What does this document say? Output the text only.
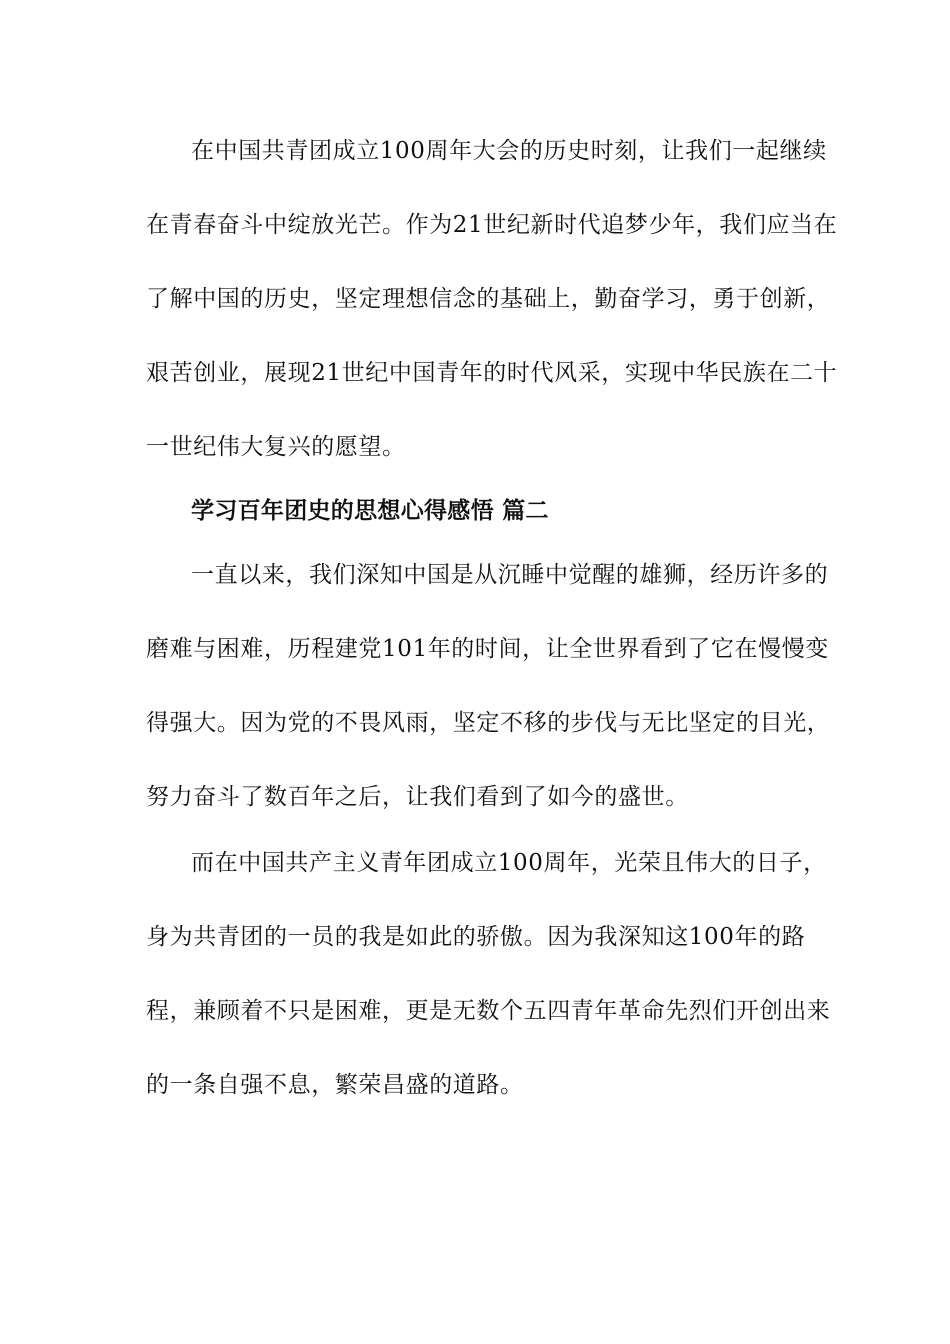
在中国共青团成立100周年大会的历史时刻，让我们一起继续

在青春奋斗中绽放光芒。作为21世纪新时代追梦少年，我们应当在

了解中国的历史，坚定理想信念的基础上，勤奋学习，勇于创新，

艰苦创业，展现21世纪中国青年的时代风采，实现中华民族在二十

一世纪伟大复兴的愿望。

学习百年团史的思想心得感悟 篇二

一直以来，我们深知中国是从沉睡中觉醒的雄狮，经历许多的

磨难与困难，历程建党101年的时间，让全世界看到了它在慢慢变

得强大。因为党的不畏风雨，坚定不移的步伐与无比坚定的目光，

努力奋斗了数百年之后，让我们看到了如今的盛世。

而在中国共产主义青年团成立100周年，光荣且伟大的日子，

身为共青团的一员的我是如此的骄傲。因为我深知这100年的路

程，兼顾着不只是困难，更是无数个五四青年革命先烈们开创出来

的一条自强不息，繁荣昌盛的道路。
